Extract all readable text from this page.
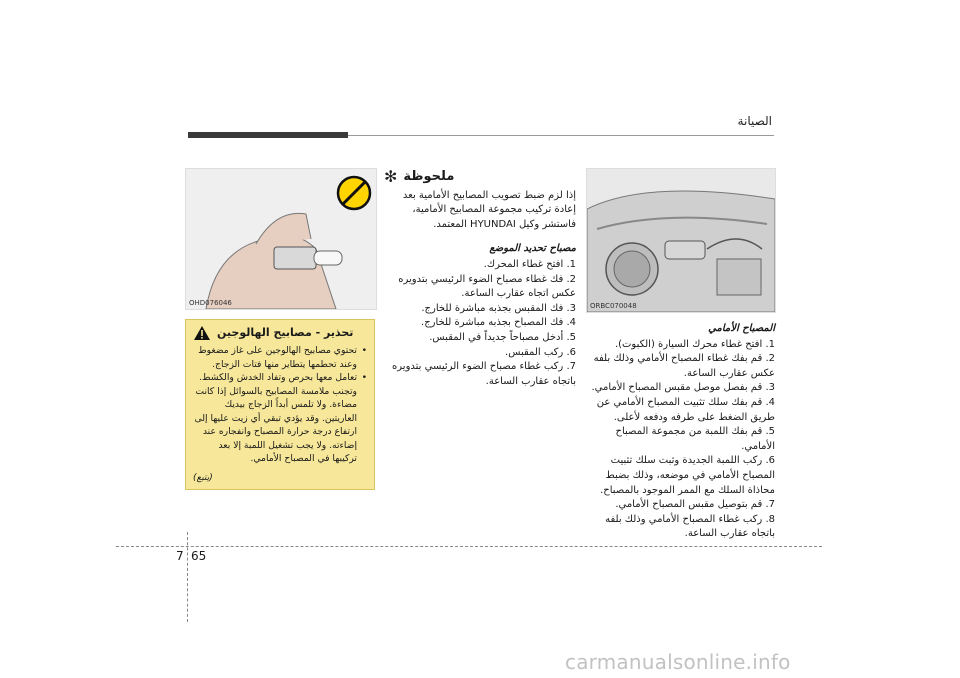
الصيانة
ORBC070048
المصباح الأمامي
1. افتح غطاء محرك السيارة (الكبوت).
2. قم بفك غطاء المصباح الأمامي وذلك بلفه عكس عقارب الساعة.
3. قم بفصل موصل مقبس المصباح الأمامي.
4. قم بفك سلك تثبيت المصباح الأمامي عن طريق الضغط على طرفه ودفعه لأعلى.
5. قم بفك اللمبة من مجموعة المصباح الأمامي.
6. ركب اللمبة الجديدة وثبت سلك تثبيت المصباح الأمامي في موضعه، وذلك بضبط محاذاة السلك مع الممر الموجود بالمصباح.
7. قم بتوصيل مقبس المصباح الأمامي.
8. ركب غطاء المصباح الأمامي وذلك بلفه باتجاه عقارب الساعة.
ملحوظة
✻

إذا لزم ضبط تصويب المصابيح الأمامية بعد إعادة تركيب مجموعة المصابيح الأمامية، فاستشر وكيل HYUNDAI المعتمد.

مصباح تحديد الموضع
1. افتح غطاء المحرك.
2. فك غطاء مصباح الضوء الرئيسي بتدويره عكس اتجاه عقارب الساعة.
3. فك المقبس بجذبه مباشرة للخارج.
4. فك المصباح بجذبه مباشرة للخارج.
5. أدخل مصباحاً جديداً في المقبس.
6. ركب المقبس.
7. ركب غطاء مصباح الضوء الرئيسي بتدويره باتجاه عقارب الساعة.
OHD076046
تحذير - مصابيح الهالوجين
• تحتوي مصابيح الهالوجين على غاز مضغوط وعند تحطمها يتطاير منها فتات الزجاج.
• تعامل معها بحرص وتفاد الخدش والكشط. وتجنب ملامسة المصابيح بالسوائل إذا كانت مضاءة. ولا تلمس أبداً الزجاج بيديك العاريتين. وقد يؤدي تبقي أي زيت عليها إلى ارتفاع درجة حرارة المصباح وانفجاره عند إضاءته. ولا يجب تشغيل اللمبة إلا بعد تركيبها في المصباح الأمامي.
(يتبع)
7 65
carmanualsonline.info
